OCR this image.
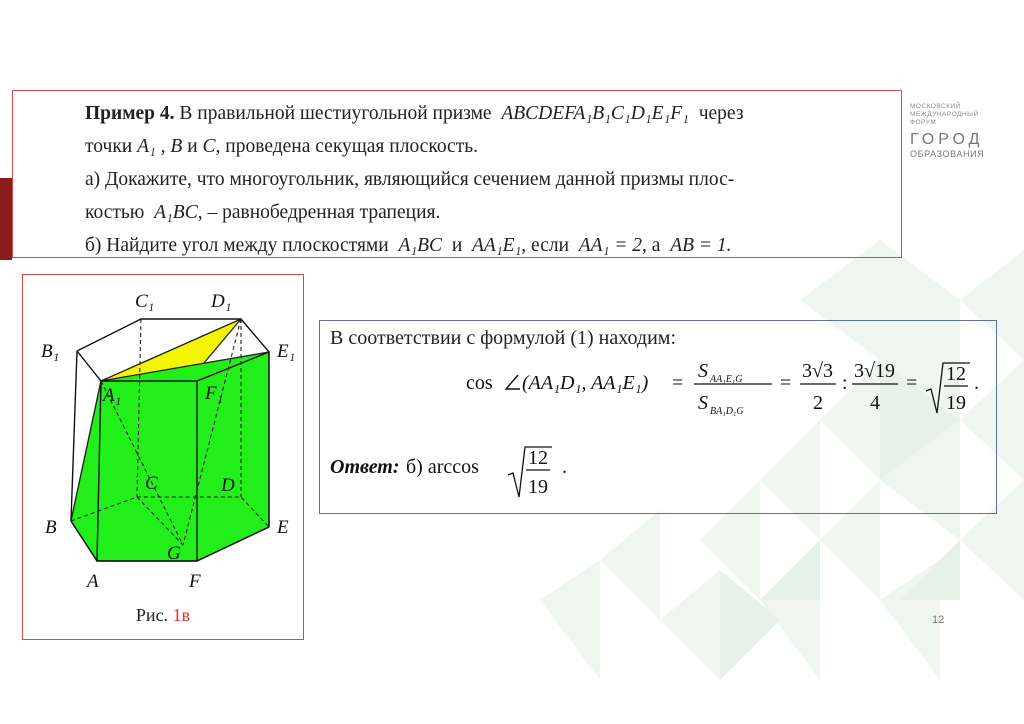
Пример 4. В правильной шестиугольной призме ABCDEFA₁B₁C₁D₁E₁F₁ через

точки A₁ , B и C, проведена секущая плоскость.

а) Докажите, что многоугольник, являющийся сечением данной призмы плос-

костью A₁BC, – равнобедренная трапеция.

б) Найдите угол между плоскостями A₁BC и AA₁E₁, если AA₁ = 2, а AB = 1.

МОСКОВСКИЙ
МЕЖДУНАРОДНЫЙ
ФОРУМ
ГОРОД
ОБРАЗОВАНИЯ
C₁	D₁
B₁	E₁
A₁	F₁
C	D
B	E
G
A	F
Рис. 1в
В соответствии с формулой (1) находим:
cos (AA₁D₁, AA₁E₁) =
S AA₁E₁G
S BA₁D₁G
=
3√3
2
:
3√19
4
= 12
19
.
Ответ: б) arccos 12
19
.
12
